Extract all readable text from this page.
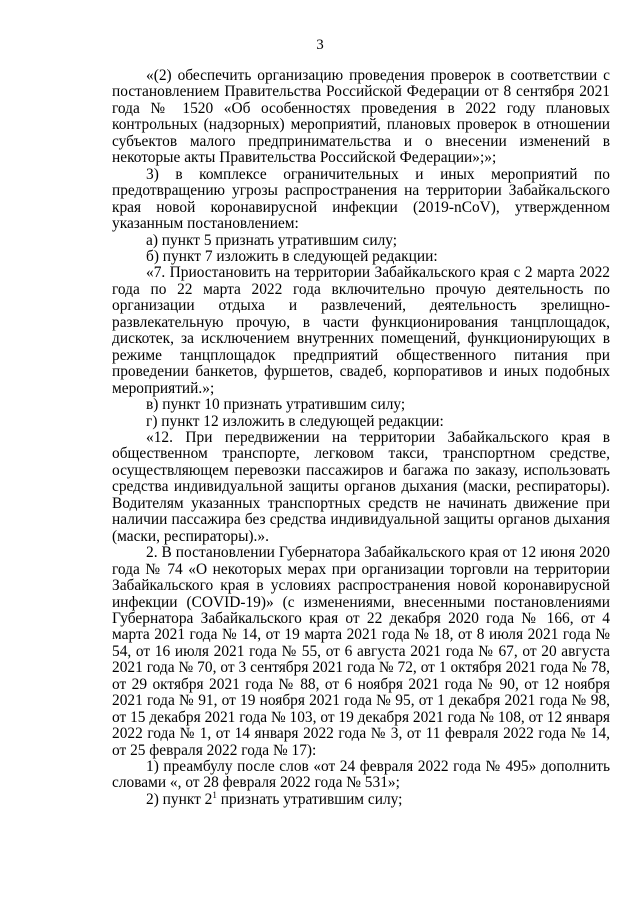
3

«(2) обеспечить организацию проведения проверок в соответствии с постановлением Правительства Российской Федерации от 8 сентября 2021 года № 1520 «Об особенностях проведения в 2022 году плановых контрольных (надзорных) мероприятий, плановых проверок в отношении субъектов малого предпринимательства и о внесении изменений в некоторые акты Правительства Российской Федерации»;»;

3) в комплексе ограничительных и иных мероприятий по предотвращению угрозы распространения на территории Забайкальского края новой коронавирусной инфекции (2019-nCoV), утвержденном указанным постановлением:

а) пункт 5 признать утратившим силу;

б) пункт 7 изложить в следующей редакции:

«7. Приостановить на территории Забайкальского края с 2 марта 2022 года по 22 марта 2022 года включительно прочую деятельность по организации отдыха и развлечений, деятельность зрелищно-развлекательную прочую, в части функционирования танцплощадок, дискотек, за исключением внутренних помещений, функционирующих в режиме танцплощадок предприятий общественного питания при проведении банкетов, фуршетов, свадеб, корпоративов и иных подобных мероприятий.»;

в) пункт 10 признать утратившим силу;

г) пункт 12 изложить в следующей редакции:

«12. При передвижении на территории Забайкальского края в общественном транспорте, легковом такси, транспортном средстве, осуществляющем перевозки пассажиров и багажа по заказу, использовать средства индивидуальной защиты органов дыхания (маски, респираторы). Водителям указанных транспортных средств не начинать движение при наличии пассажира без средства индивидуальной защиты органов дыхания (маски, респираторы).».

2. В постановлении Губернатора Забайкальского края от 12 июня 2020 года № 74 «О некоторых мерах при организации торговли на территории Забайкальского края в условиях распространения новой коронавирусной инфекции (COVID-19)» (с изменениями, внесенными постановлениями Губернатора Забайкальского края от 22 декабря 2020 года № 166, от 4 марта 2021 года № 14, от 19 марта 2021 года № 18, от 8 июля 2021 года № 54, от 16 июля 2021 года № 55, от 6 августа 2021 года № 67, от 20 августа 2021 года № 70, от 3 сентября 2021 года № 72, от 1 октября 2021 года № 78, от 29 октября 2021 года № 88, от 6 ноября 2021 года № 90, от 12 ноября 2021 года № 91, от 19 ноября 2021 года № 95, от 1 декабря 2021 года № 98, от 15 декабря 2021 года № 103, от 19 декабря 2021 года № 108, от 12 января 2022 года № 1, от 14 января 2022 года № 3, от 11 февраля 2022 года № 14, от 25 февраля 2022 года № 17):

1) преамбулу после слов «от 24 февраля 2022 года № 495» дополнить словами «, от 28 февраля 2022 года № 531»;

2) пункт $2^1$ признать утратившим силу;
